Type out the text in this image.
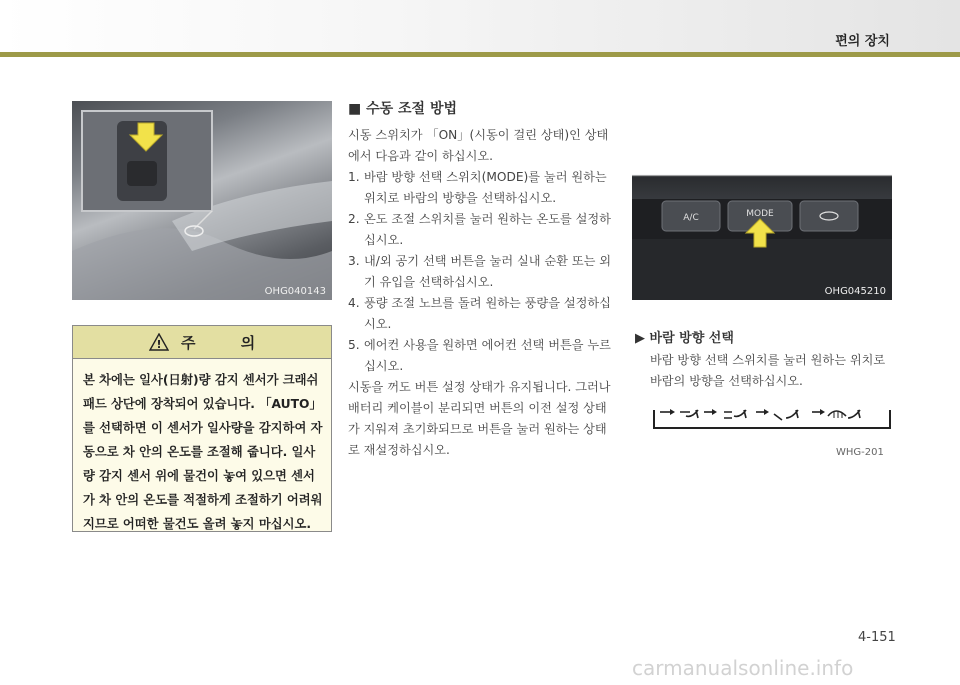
편의 장치
OHG040143
! 주 의
본 차에는 일사(日射)량 감지 센서가 크래쉬패드 상단에 장착되어 있습니다. 「AUTO」를 선택하면 이 센서가 일사량을 감지하여 자동으로 차 안의 온도를 조절해 줍니다. 일사량 감지 센서 위에 물건이 놓여 있으면 센서가 차 안의 온도를 적절하게 조절하기 어려워지므로 어떠한 물건도 올려 놓지 마십시오.
■ 수동 조절 방법

시동 스위치가 「ON」(시동이 걸린 상태)인 상태에서 다음과 같이 하십시오.

1. 바람 방향 선택 스위치(MODE)를 눌러 원하는 위치로 바람의 방향을 선택하십시오.
2. 온도 조절 스위치를 눌러 원하는 온도를 설정하십시오.
3. 내/외 공기 선택 버튼을 눌러 실내 순환 또는 외기 유입을 선택하십시오.
4. 풍량 조절 노브를 돌려 원하는 풍량을 설정하십시오.
5. 에어컨 사용을 원하면 에어컨 선택 버튼을 누르십시오.

시동을 꺼도 버튼 설정 상태가 유지됩니다. 그러나 배터리 케이블이 분리되면 버튼의 이전 설정 상태가 지워져 초기화되므로 버튼을 눌러 원하는 상태로 재설정하십시오.

A/C	MODE
OHG045210
▶ 바람 방향 선택
바람 방향 선택 스위치를 눌러 원하는 위치로 바람의 방향을 선택하십시오.
WHG-201
4-151
carmanualsonline.info
